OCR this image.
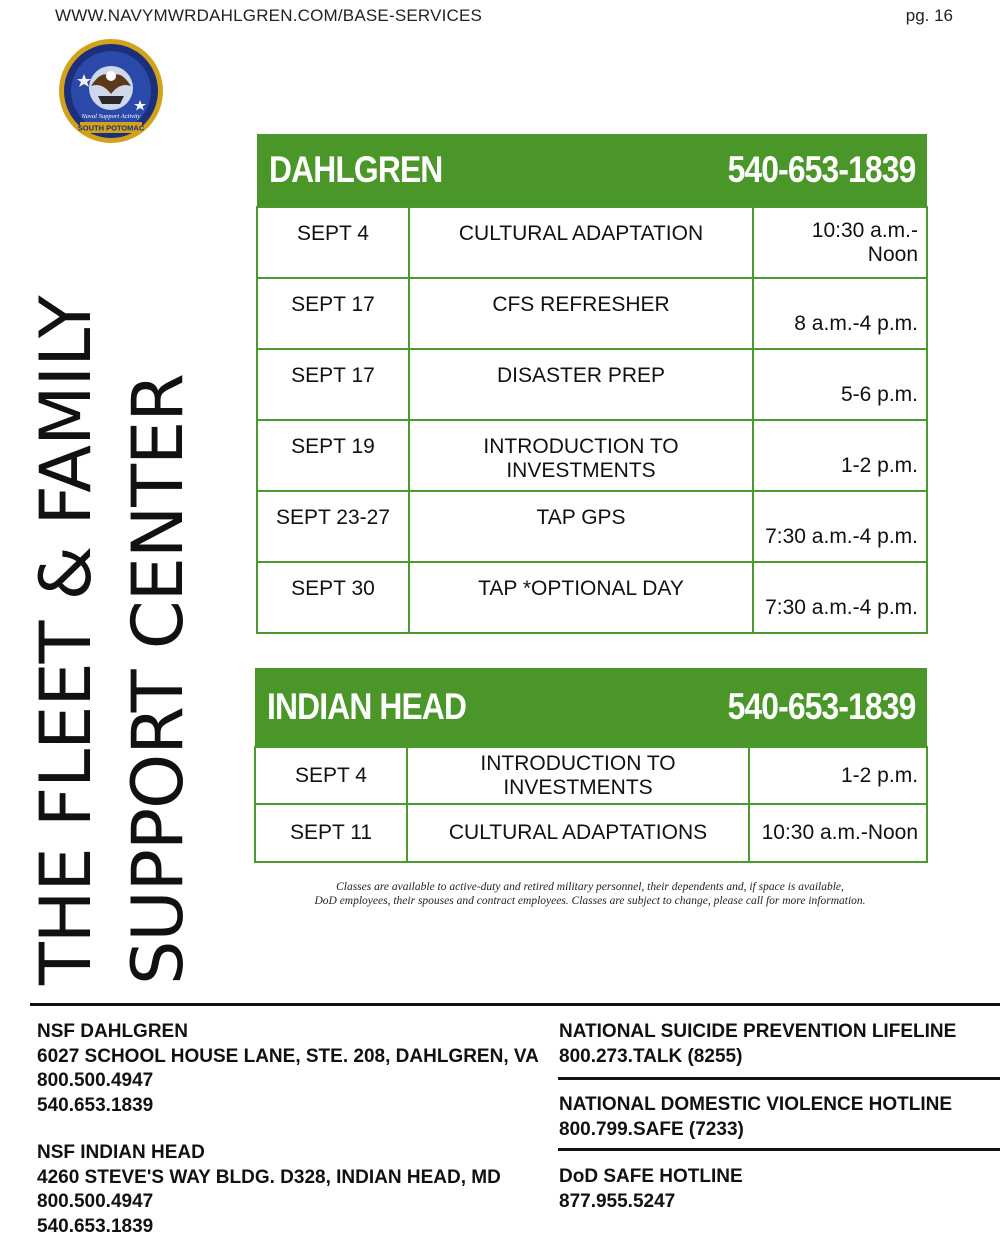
WWW.NAVYMWRDAHLGREN.COM/BASE-SERVICES	pg. 16
Naval Support Activity
SOUTH POTOMAC
THE FLEET & FAMILY SUPPORT CENTER
DAHLGREN 540-653-1839		

SEPT 4	CULTURAL ADAPTATION	10:30 a.m.-Noon
SEPT 17	CFS REFRESHER	8 a.m.-4 p.m.
SEPT 17	DISASTER PREP	5-6 p.m.
SEPT 19	INTRODUCTION TO INVESTMENTS	1-2 p.m.
SEPT 23-27	TAP GPS	7:30 a.m.-4 p.m.
SEPT 30	TAP *OPTIONAL DAY	7:30 a.m.-4 p.m.
INDIAN HEAD 540-653-1839		

SEPT 4	INTRODUCTION TO INVESTMENTS	1-2 p.m.
SEPT 11	CULTURAL ADAPTATIONS	10:30 a.m.-Noon
Classes are available to active-duty and retired military personnel, their dependents and, if space is available,
DoD employees, their spouses and contract employees. Classes are subject to change, please call for more information.
NSF DAHLGREN
6027 SCHOOL HOUSE LANE, STE. 208, DAHLGREN, VA
800.500.4947
540.653.1839
NSF INDIAN HEAD
4260 STEVE'S WAY BLDG. D328, INDIAN HEAD, MD
800.500.4947
540.653.1839
NATIONAL SUICIDE PREVENTION LIFELINE
800.273.TALK (8255)
NATIONAL DOMESTIC VIOLENCE HOTLINE
800.799.SAFE (7233)
DoD SAFE HOTLINE
877.955.5247
